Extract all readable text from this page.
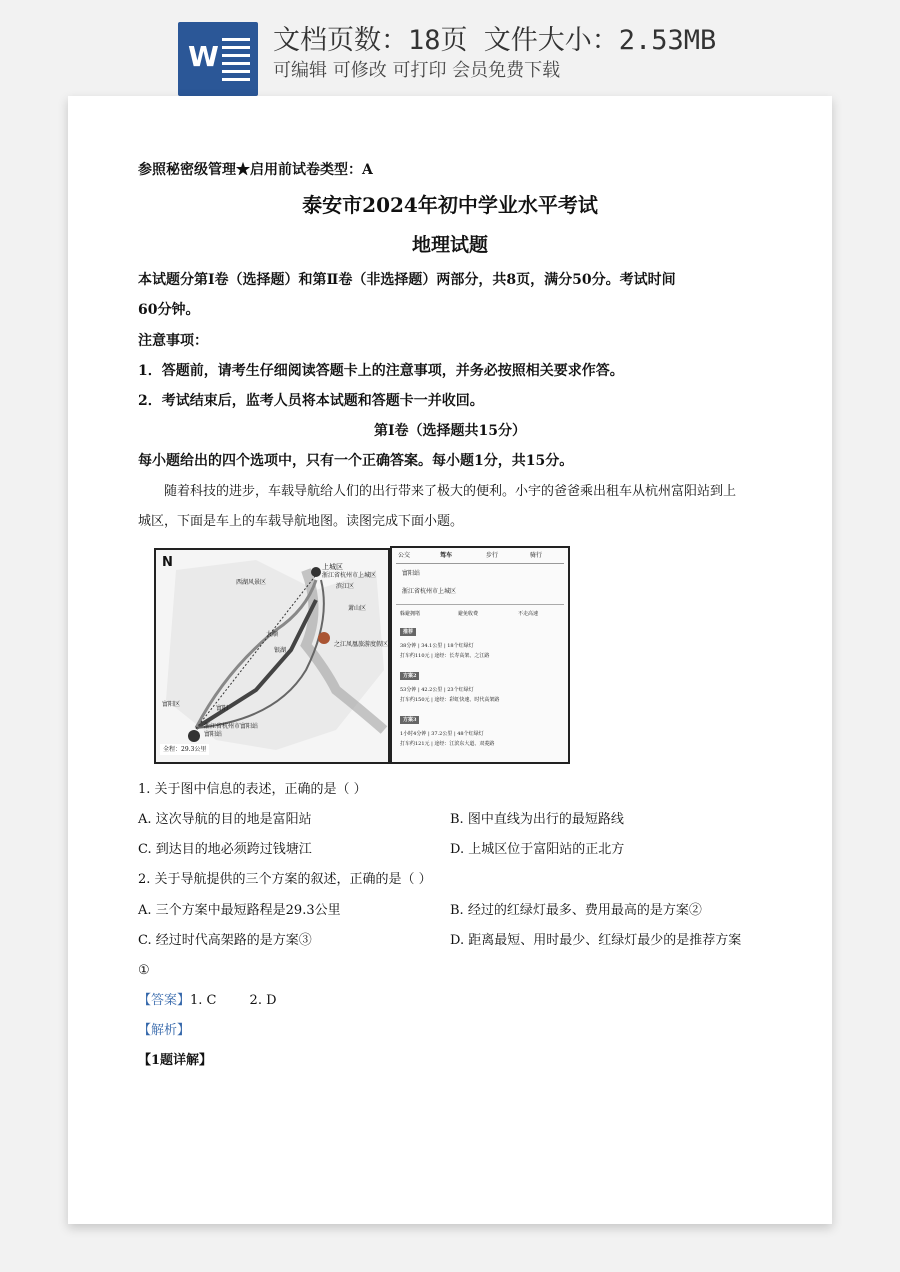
W 文档页数：18页 文件大小：2.53MB
可编辑 可修改 可打印 会员免费下载
参照秘密级管理★启用前试卷类型：A
泰安市2024年初中学业水平考试
地理试题
本试题分第Ⅰ卷（选择题）和第Ⅱ卷（非选择题）两部分，共8页，满分50分。考试时间
60分钟。
注意事项：
1．答题前，请考生仔细阅读答题卡上的注意事项，并务必按照相关要求作答。
2．考试结束后，监考人员将本试题和答题卡一并收回。
第Ⅰ卷（选择题共15分）
每小题给出的四个选项中，只有一个正确答案。每小题1分，共15分。
随着科技的进步，车载导航给人们的出行带来了极大的便利。小宇的爸爸乘出租车从杭州富阳站到上
城区，下面是车上的车载导航地图。读图完成下面小题。
N	上城区
浙江省杭州市上城区
西湖风景区
滨江区
萧山区
之江凤凰旅游度假区
大顺
银湖
富阳站
浙江省杭州市富阳站
富阳区
富阳
全程：29.3公里
公交	驾车	步行	骑行
富阳站
浙江省杭州市上城区
躲避拥堵	避免收费	不走高速
推荐
38分钟 | 34.1公里 | 18个红绿灯
打车约110元 | 途经：长寿高架、之江路
方案2
53分钟 | 42.2公里 | 23个红绿灯
打车约150元 | 途经：彩虹快速、时代高架路
方案3
1小时4分钟 | 37.2公里 | 48个红绿灯
打车约121元 | 途经：江滨东大道、双菱路
1. 关于图中信息的表述，正确的是（ ）
A. 这次导航的目的地是富阳站	B. 图中直线为出行的最短路线
C. 到达目的地必须跨过钱塘江	D. 上城区位于富阳站的正北方
2. 关于导航提供的三个方案的叙述，正确的是（ ）
A. 三个方案中最短路程是29.3公里	B. 经过的红绿灯最多、费用最高的是方案②
C. 经过时代高架路的是方案③	D. 距离最短、用时最少、红绿灯最少的是推荐方案
①
【答案】1. C        2. D
【解析】
【1题详解】
